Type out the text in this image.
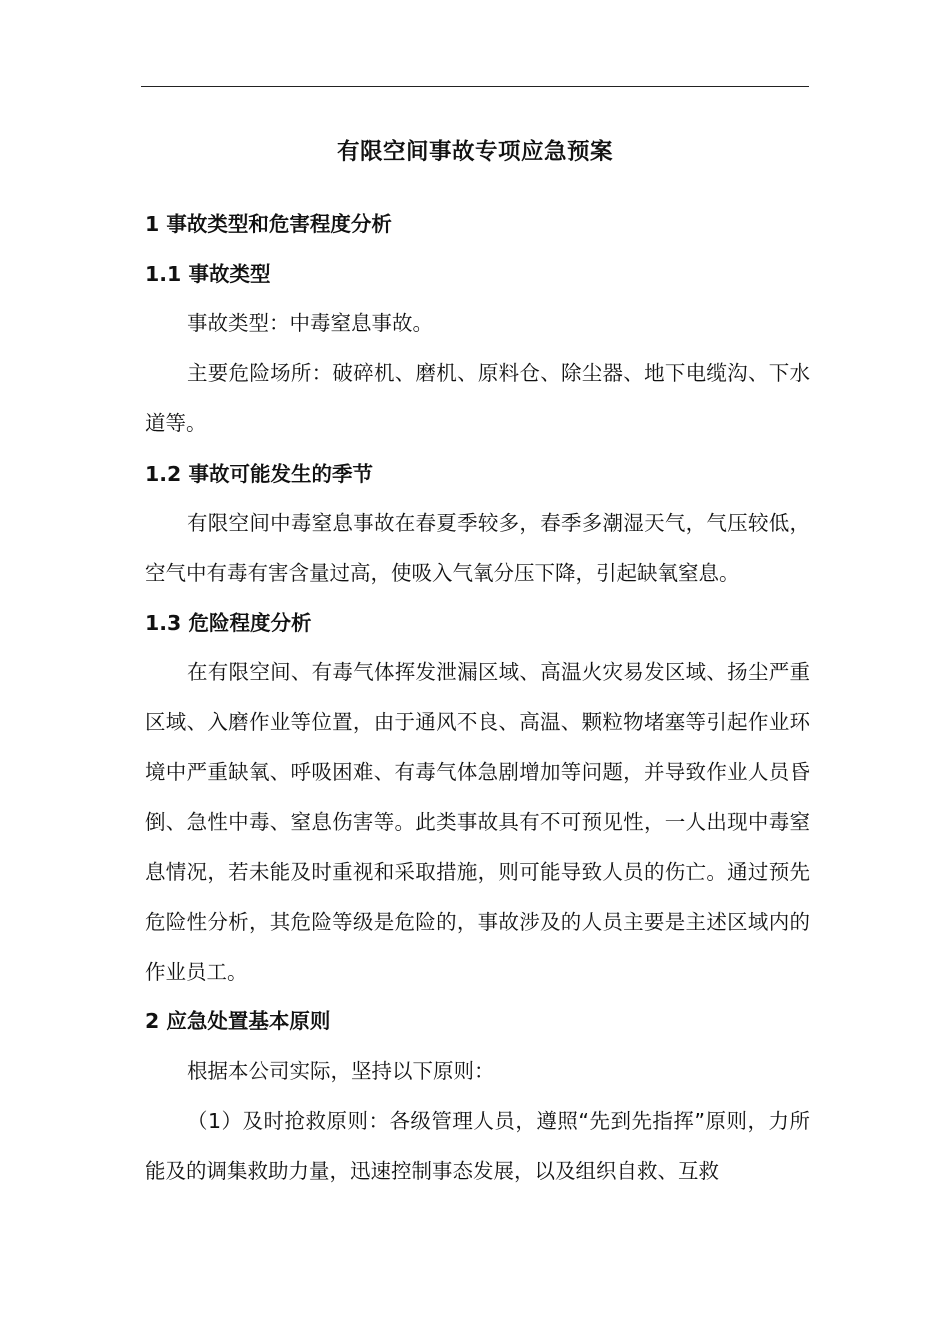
有限空间事故专项应急预案
1 事故类型和危害程度分析
1.1 事故类型

事故类型：中毒窒息事故。

主要危险场所：破碎机、磨机、原料仓、除尘器、地下电缆沟、下水道等。

1.2 事故可能发生的季节

有限空间中毒窒息事故在春夏季较多，春季多潮湿天气，气压较低，空气中有毒有害含量过高，使吸入气氧分压下降，引起缺氧窒息。

1.3 危险程度分析

在有限空间、有毒气体挥发泄漏区域、高温火灾易发区域、扬尘严重区域、入磨作业等位置，由于通风不良、高温、颗粒物堵塞等引起作业环境中严重缺氧、呼吸困难、有毒气体急剧增加等问题，并导致作业人员昏倒、急性中毒、窒息伤害等。此类事故具有不可预见性，一人出现中毒窒息情况，若未能及时重视和采取措施，则可能导致人员的伤亡。通过预先危险性分析，其危险等级是危险的，事故涉及的人员主要是主述区域内的作业员工。

2 应急处置基本原则

根据本公司实际，坚持以下原则：

（1）及时抢救原则：各级管理人员，遵照“先到先指挥”原则，力所能及的调集救助力量，迅速控制事态发展，以及组织自救、互救
